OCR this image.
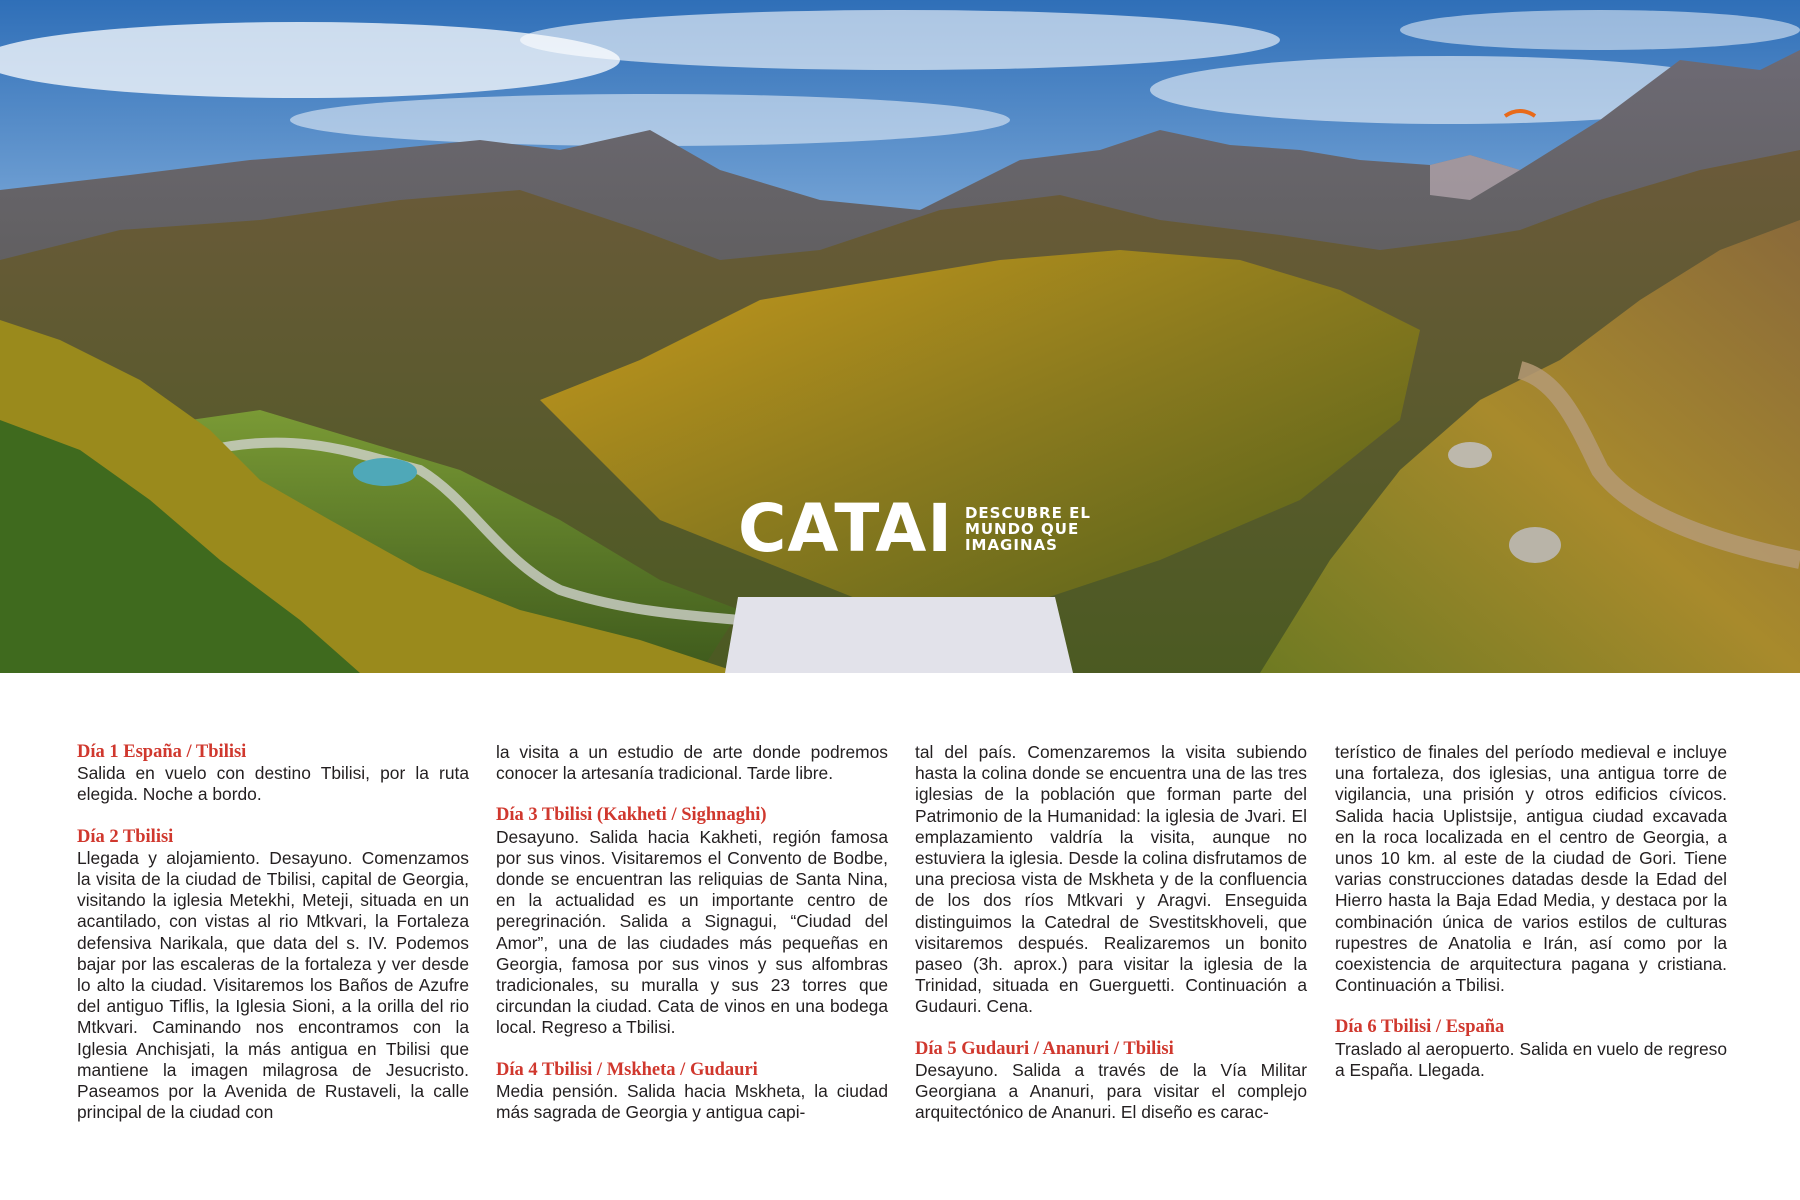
CATAI DESCUBRE EL
MUNDO QUE
IMAGINAS
Día 1 España / Tbilisi

Salida en vuelo con destino Tbilisi, por la ruta elegida. Noche a bordo.

Día 2 Tbilisi

Llegada y alojamiento. Desayuno. Comenzamos la visita de la ciudad de Tbilisi, capital de Georgia, visitando la iglesia Metekhi, Meteji, situada en un acantilado, con vistas al rio Mtkvari, la Fortaleza defensiva Narikala, que data del s. IV. Podemos bajar por las escaleras de la fortaleza y ver desde lo alto la ciudad. Visitaremos los Baños de Azufre del antiguo Tiflis, la Iglesia Sioni, a la orilla del rio Mtkvari. Caminando nos encontramos con la Iglesia Anchisjati, la más antigua en Tbilisi que mantiene la imagen milagrosa de Jesucristo. Paseamos por la Avenida de Rustaveli, la calle principal de la ciudad con

la visita a un estudio de arte donde podremos conocer la artesanía tradicional. Tarde libre.

Día 3 Tbilisi (Kakheti / Sighnaghi)

Desayuno. Salida hacia Kakheti, región famosa por sus vinos. Visitaremos el Convento de Bodbe, donde se encuentran las reliquias de Santa Nina, en la actualidad es un importante centro de peregrinación. Salida a Signagui, “Ciudad del Amor”, una de las ciudades más pequeñas en Georgia, famosa por sus vinos y sus alfombras tradicionales, su muralla y sus 23 torres que circundan la ciudad. Cata de vinos en una bodega local. Regreso a Tbilisi.

Día 4 Tbilisi / Mskheta / Gudauri

Media pensión. Salida hacia Mskheta, la ciudad más sagrada de Georgia y antigua capi-

tal del país. Comenzaremos la visita subiendo hasta la colina donde se encuentra una de las tres iglesias de la población que forman parte del Patrimonio de la Humanidad: la iglesia de Jvari. El emplazamiento valdría la visita, aunque no estuviera la iglesia. Desde la colina disfrutamos de una preciosa vista de Mskheta y de la confluencia de los dos ríos Mtkvari y Aragvi. Enseguida distinguimos la Catedral de Svestitskhoveli, que visitaremos después. Realizaremos un bonito paseo (3h. aprox.) para visitar la iglesia de la Trinidad, situada en Guerguetti. Continuación a Gudauri. Cena.

Día 5 Gudauri / Ananuri / Tbilisi

Desayuno. Salida a través de la Vía Militar Georgiana a Ananuri, para visitar el complejo arquitectónico de Ananuri. El diseño es carac-

terístico de finales del período medieval e incluye una fortaleza, dos iglesias, una antigua torre de vigilancia, una prisión y otros edificios cívicos. Salida hacia Uplistsije, antigua ciudad excavada en la roca localizada en el centro de Georgia, a unos 10 km. al este de la ciudad de Gori. Tiene varias construcciones datadas desde la Edad del Hierro hasta la Baja Edad Media, y destaca por la combinación única de varios estilos de culturas rupestres de Anatolia e Irán, así como por la coexistencia de arquitectura pagana y cristiana. Continuación a Tbilisi.

Día 6 Tbilisi / España

Traslado al aeropuerto. Salida en vuelo de regreso a España. Llegada.
